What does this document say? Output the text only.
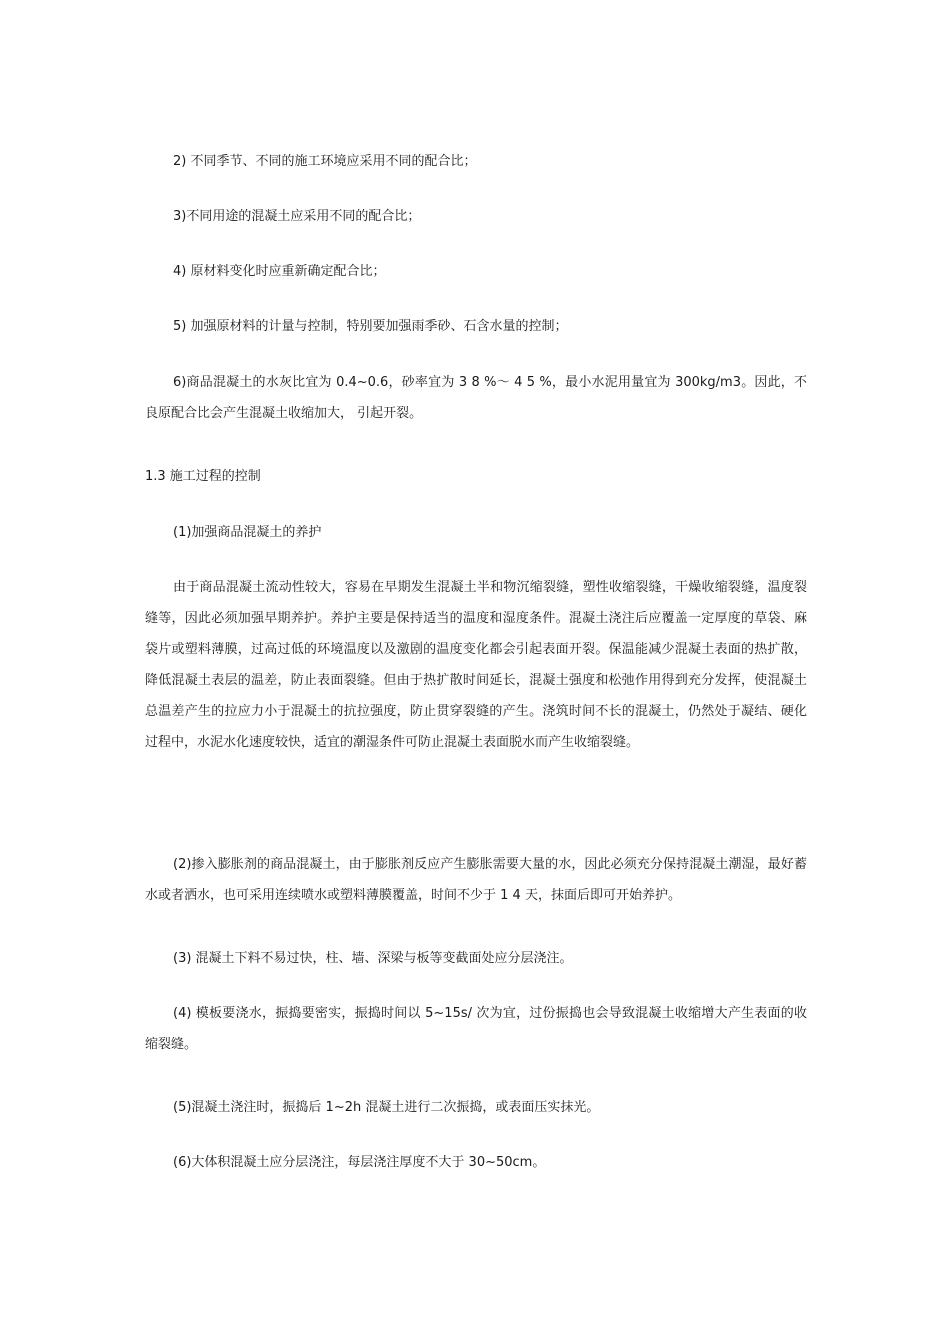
2) 不同季节、不同的施工环境应采用不同的配合比；

3)不同用途的混凝土应采用不同的配合比；

4) 原材料变化时应重新确定配合比；

5) 加强原材料的计量与控制，特别要加强雨季砂、石含水量的控制；

6)商品混凝土的水灰比宜为 0.4~0.6，砂率宜为 3 8 %～ 4 5 %，最小水泥用量宜为 300kg/m3。因此，不良原配合比会产生混凝土收缩加大， 引起开裂。

1.3 施工过程的控制

(1)加强商品混凝土的养护

由于商品混凝土流动性较大，容易在早期发生混凝土半和物沉缩裂缝，塑性收缩裂缝，干燥收缩裂缝，温度裂缝等，因此必须加强早期养护。养护主要是保持适当的温度和湿度条件。混凝土浇注后应覆盖一定厚度的草袋、麻袋片或塑料薄膜，过高过低的环境温度以及激剧的温度变化都会引起表面开裂。保温能减少混凝土表面的热扩散，降低混凝土表层的温差，防止表面裂缝。但由于热扩散时间延长，混凝土强度和松弛作用得到充分发挥，使混凝土总温差产生的拉应力小于混凝土的抗拉强度，防止贯穿裂缝的产生。浇筑时间不长的混凝土，仍然处于凝结、硬化过程中，水泥水化速度较快，适宜的潮湿条件可防止混凝土表面脱水而产生收缩裂缝。

(2)掺入膨胀剂的商品混凝土，由于膨胀剂反应产生膨胀需要大量的水，因此必须充分保持混凝土潮湿，最好蓄水或者洒水，也可采用连续喷水或塑料薄膜覆盖，时间不少于 1 4 天，抹面后即可开始养护。

(3) 混凝土下料不易过快，柱、墙、深梁与板等变截面处应分层浇注。

(4) 模板要浇水，振捣要密实，振捣时间以 5~15s/ 次为宜，过份振捣也会导致混凝土收缩增大产生表面的收缩裂缝。

(5)混凝土浇注时，振捣后 1~2h 混凝土进行二次振捣，或表面压实抹光。

(6)大体积混凝土应分层浇注，每层浇注厚度不大于 30~50cm。
